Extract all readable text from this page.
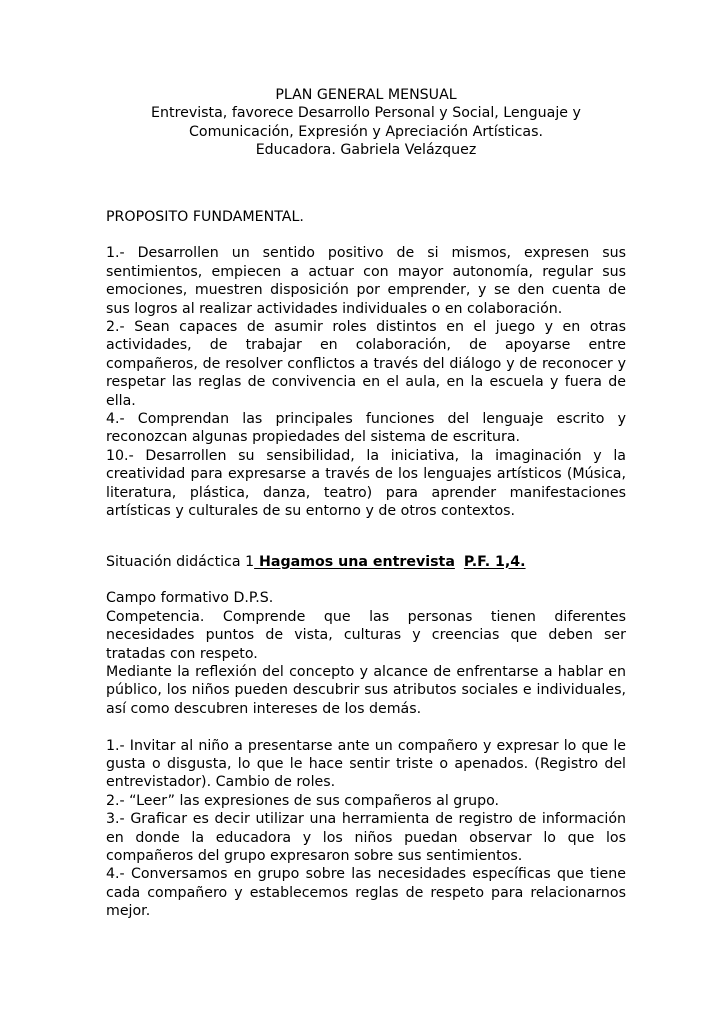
PLAN GENERAL MENSUAL
Entrevista, favorece Desarrollo Personal y Social, Lenguaje y
Comunicación, Expresión y Apreciación Artísticas.
Educadora. Gabriela Velázquez

PROPOSITO FUNDAMENTAL.

1.- Desarrollen un sentido positivo de si mismos, expresen sus sentimientos, empiecen a actuar con mayor autonomía, regular sus emociones, muestren disposición por emprender, y se den cuenta de sus logros al realizar actividades individuales o en colaboración.

2.- Sean capaces de asumir roles distintos en el juego y en otras actividades, de trabajar en colaboración, de apoyarse entre compañeros, de resolver conflictos a través del diálogo y de reconocer y respetar las reglas de convivencia en el aula, en la escuela y fuera de ella.

4.- Comprendan las principales funciones del lenguaje escrito y reconozcan algunas propiedades del sistema de escritura.

10.- Desarrollen su sensibilidad, la iniciativa, la imaginación y la creatividad para expresarse a través de los lenguajes artísticos (Música, literatura, plástica, danza, teatro) para aprender manifestaciones artísticas y culturales de su entorno y de otros contextos.

Situación didáctica 1 Hagamos una entrevista P.F. 1,4.

Campo formativo D.P.S.

Competencia. Comprende que las personas tienen diferentes necesidades puntos de vista, culturas y creencias que deben ser tratadas con respeto.

Mediante la reflexión del concepto y alcance de enfrentarse a hablar en público, los niños pueden descubrir sus atributos sociales e individuales, así como descubren intereses de los demás.

1.- Invitar al niño a presentarse ante un compañero y expresar lo que le gusta o disgusta, lo que le hace sentir triste o apenados. (Registro del entrevistador). Cambio de roles.

2.- “Leer” las expresiones de sus compañeros al grupo.

3.- Graficar es decir utilizar una herramienta de registro de información en donde la educadora y los niños puedan observar lo que los compañeros del grupo expresaron sobre sus sentimientos.

4.- Conversamos en grupo sobre las necesidades específicas que tiene cada compañero y establecemos reglas de respeto para relacionarnos mejor.
